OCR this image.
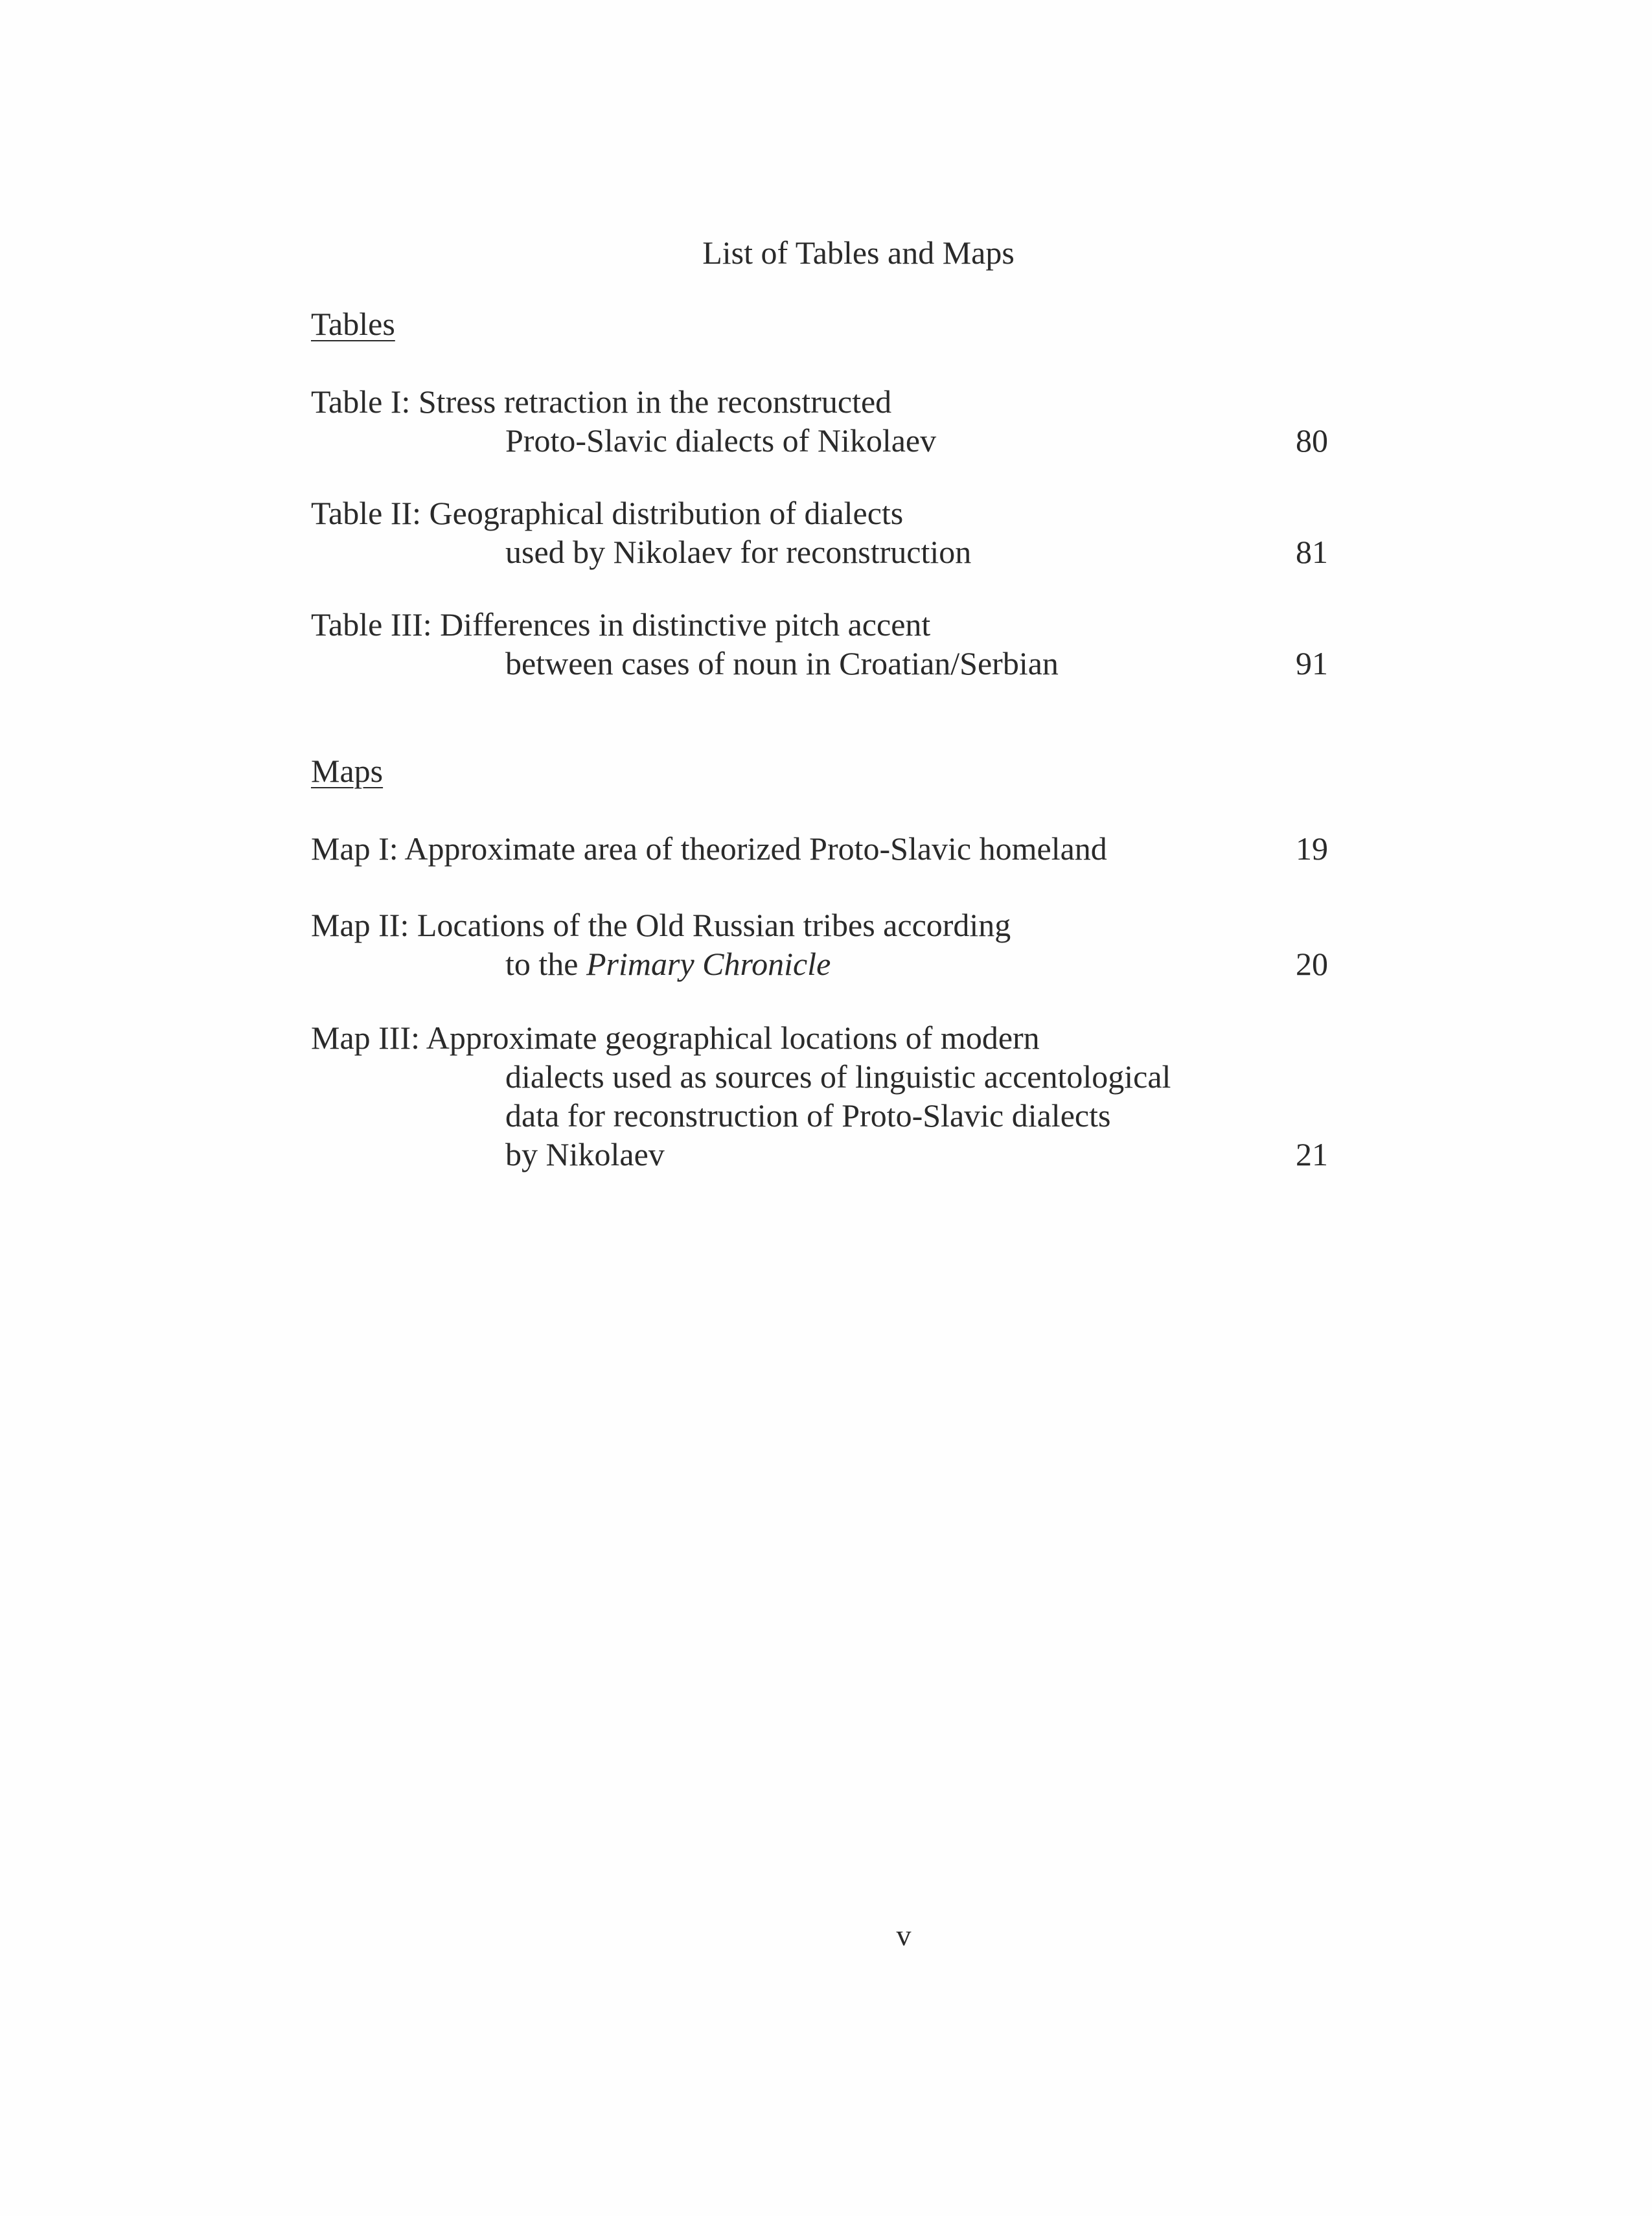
List of Tables and Maps
Tables
Table I: Stress retraction in the reconstructed
Proto-Slavic dialects of Nikolaev	80
Table II: Geographical distribution of dialects
used by Nikolaev for reconstruction	81
Table III: Differences in distinctive pitch accent
between cases of noun in Croatian/Serbian	91
Maps
Map I: Approximate area of theorized Proto-Slavic homeland	19
Map II: Locations of the Old Russian tribes according
to the Primary Chronicle	20
Map III: Approximate geographical locations of modern
dialects used as sources of linguistic accentological
data for reconstruction of Proto-Slavic dialects
by Nikolaev	21
v
